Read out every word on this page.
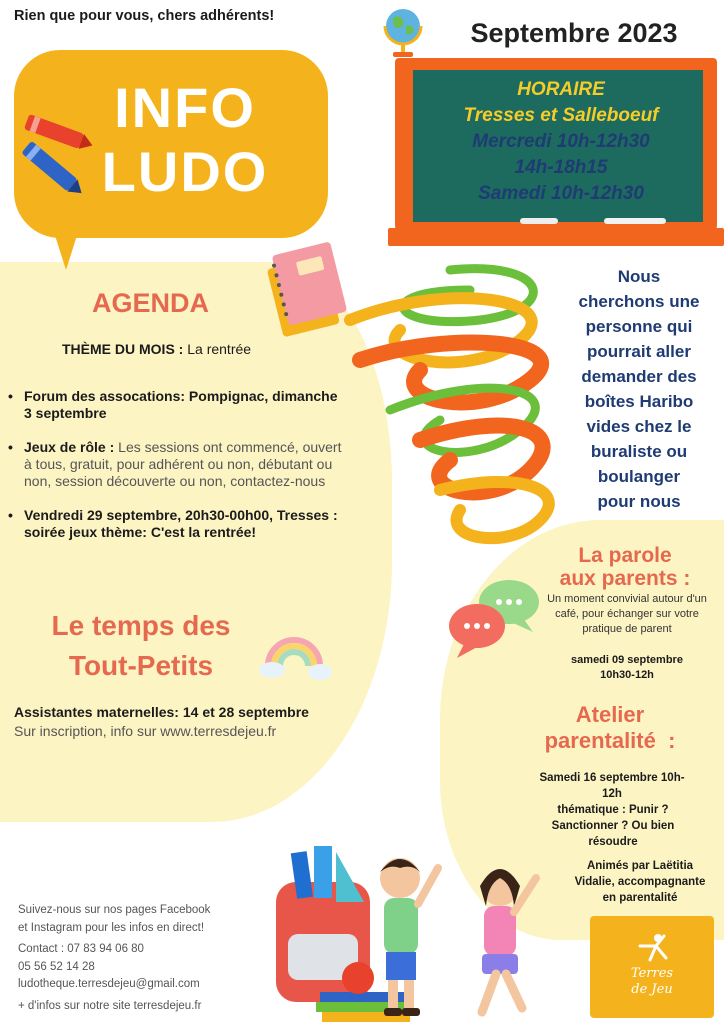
Rien que pour vous, chers adhérents!
INFO
LUDO
Septembre 2023
HORAIRE
Tresses et Salleboeuf
Mercredi 10h-12h30
14h-18h15
Samedi 10h-12h30
Nous
cherchons une
personne qui
pourrait aller
demander des
boîtes Haribo
vides chez le
buraliste ou
boulanger
pour nous
AGENDA
THÈME DU MOIS : La rentrée
• Forum des assocations: Pompignac, dimanche 3 septembre
• Jeux de rôle : Les sessions ont commencé, ouvert à tous, gratuit, pour adhérent ou non, débutant ou non, session découverte ou non, contactez-nous
• Vendredi 29 septembre, 20h30-00h00, Tresses : soirée jeux thème: C'est la rentrée!
Le temps des
Tout-Petits
Assistantes maternelles: 14 et 28 septembre
Sur inscription, info sur www.terresdejeu.fr
La parole
aux parents :
Un moment convivial autour d'un café, pour échanger sur votre pratique de parent
samedi 09 septembre
10h30-12h
Atelier
parentalité  :
Samedi 16 septembre 10h-
12h
thématique : Punir ?
Sanctionner ? Ou bien
résoudre
Animés par Laëtitia
Vidalie, accompagnante
en parentalité

Suivez-nous sur nos pages Facebook

et Instagram pour les infos en direct!

Contact : 07 83 94 06 80

05 56 52 14 28

ludotheque.terresdejeu@gmail.com

+ d'infos sur notre site terresdejeu.fr

Terres
de Jeu
